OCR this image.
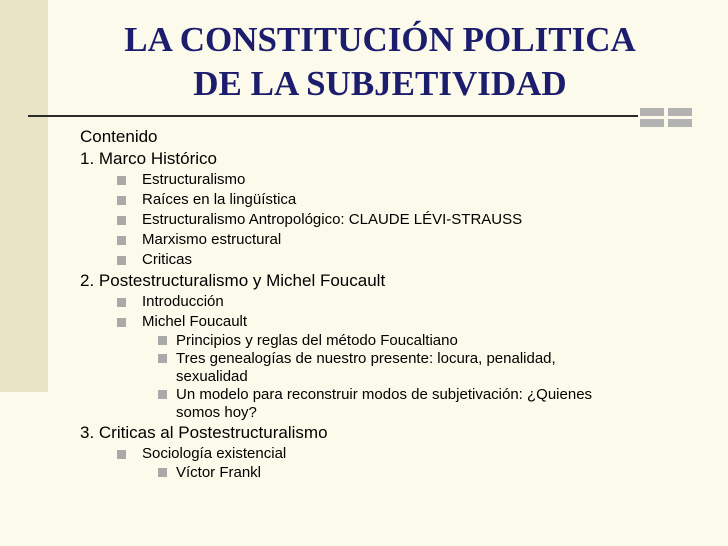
LA CONSTITUCIÓN POLITICA
DE LA SUBJETIVIDAD

Contenido

1. Marco Histórico

Estructuralismo
Raíces en la lingüística
Estructuralismo Antropológico: CLAUDE LÉVI-STRAUSS
Marxismo estructural
Criticas

2. Postestructuralismo y Michel Foucault

Introducción
Michel Foucault
Principios y reglas del método Foucaltiano
Tres genealogías de nuestro presente: locura, penalidad,
sexualidad
Un modelo para reconstruir modos de subjetivación: ¿Quienes
somos hoy?

3. Criticas al Postestructuralismo

Sociología existencial
Víctor Frankl
